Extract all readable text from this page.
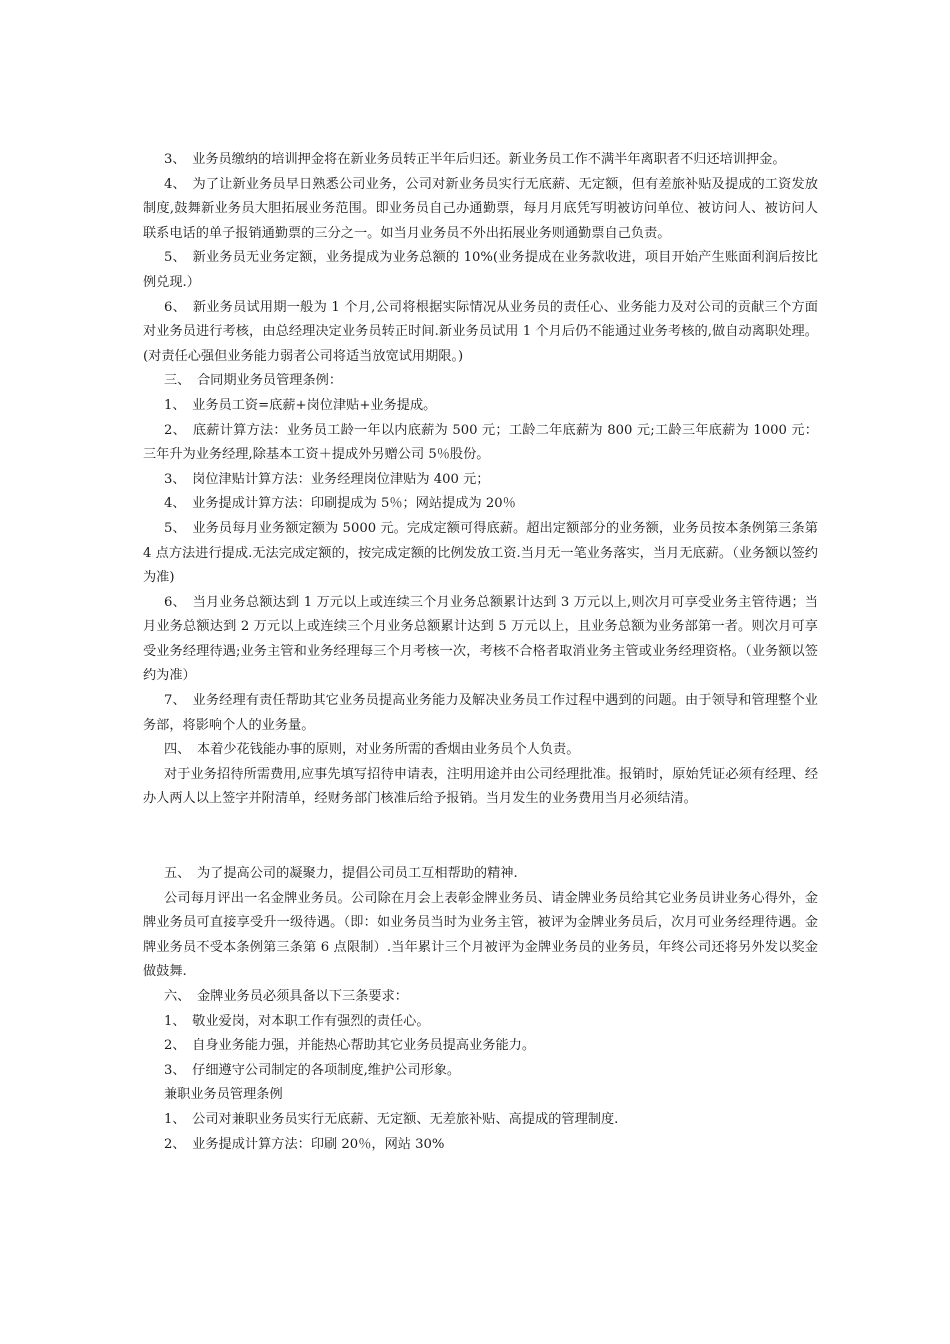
3、　业务员缴纳的培训押金将在新业务员转正半年后归还。新业务员工作不满半年离职者不归还培训押金。

4、　为了让新业务员早日熟悉公司业务，公司对新业务员实行无底薪、无定额，但有差旅补贴及提成的工资发放制度,鼓舞新业务员大胆拓展业务范围。即业务员自己办通勤票，每月月底凭写明被访问单位、被访问人、被访问人联系电话的单子报销通勤票的三分之一。如当月业务员不外出拓展业务则通勤票自己负责。

5、　新业务员无业务定额，业务提成为业务总额的 10%(业务提成在业务款收进，项目开始产生账面利润后按比例兑现.）

6、　新业务员试用期一般为 1 个月,公司将根据实际情况从业务员的责任心、业务能力及对公司的贡献三个方面对业务员进行考核，由总经理决定业务员转正时间.新业务员试用 1 个月后仍不能通过业务考核的,做自动离职处理。(对责任心强但业务能力弱者公司将适当放宽试用期限。)

三、　合同期业务员管理条例：

1、　业务员工资=底薪+岗位津贴+业务提成。

2、　底薪计算方法：业务员工龄一年以内底薪为 500 元；工龄二年底薪为 800 元;工龄三年底薪为 1000 元：三年升为业务经理,除基本工资＋提成外另赠公司 5％股份。

3、　岗位津贴计算方法：业务经理岗位津贴为 400 元；

4、　业务提成计算方法：印刷提成为 5％；网站提成为 20％

5、　业务员每月业务额定额为 5000 元。完成定额可得底薪。超出定额部分的业务额，业务员按本条例第三条第 4 点方法进行提成.无法完成定额的，按完成定额的比例发放工资.当月无一笔业务落实，当月无底薪。（业务额以签约为准)

6、　当月业务总额达到 1 万元以上或连续三个月业务总额累计达到 3 万元以上,则次月可享受业务主管待遇；当月业务总额达到 2 万元以上或连续三个月业务总额累计达到 5 万元以上，且业务总额为业务部第一者。则次月可享受业务经理待遇;业务主管和业务经理每三个月考核一次，考核不合格者取消业务主管或业务经理资格。（业务额以签约为准）

7、　业务经理有责任帮助其它业务员提高业务能力及解决业务员工作过程中遇到的问题。由于领导和管理整个业务部，将影响个人的业务量。

四、　本着少花钱能办事的原则，对业务所需的香烟由业务员个人负责。

对于业务招待所需费用,应事先填写招待申请表，注明用途并由公司经理批准。报销时，原始凭证必须有经理、经办人两人以上签字并附清单，经财务部门核准后给予报销。当月发生的业务费用当月必须结清。

五、　为了提高公司的凝聚力，提倡公司员工互相帮助的精神.

公司每月评出一名金牌业务员。公司除在月会上表彰金牌业务员、请金牌业务员给其它业务员讲业务心得外，金牌业务员可直接享受升一级待遇。（即：如业务员当时为业务主管，被评为金牌业务员后，次月可业务经理待遇。金牌业务员不受本条例第三条第 6 点限制）.当年累计三个月被评为金牌业务员的业务员，年终公司还将另外发以奖金做鼓舞.

六、　金牌业务员必须具备以下三条要求：

1、　敬业爱岗，对本职工作有强烈的责任心。

2、　自身业务能力强，并能热心帮助其它业务员提高业务能力。

3、　仔细遵守公司制定的各项制度,维护公司形象。

兼职业务员管理条例

1、　公司对兼职业务员实行无底薪、无定额、无差旅补贴、高提成的管理制度.

2、　业务提成计算方法：印刷 20％，网站 30%
